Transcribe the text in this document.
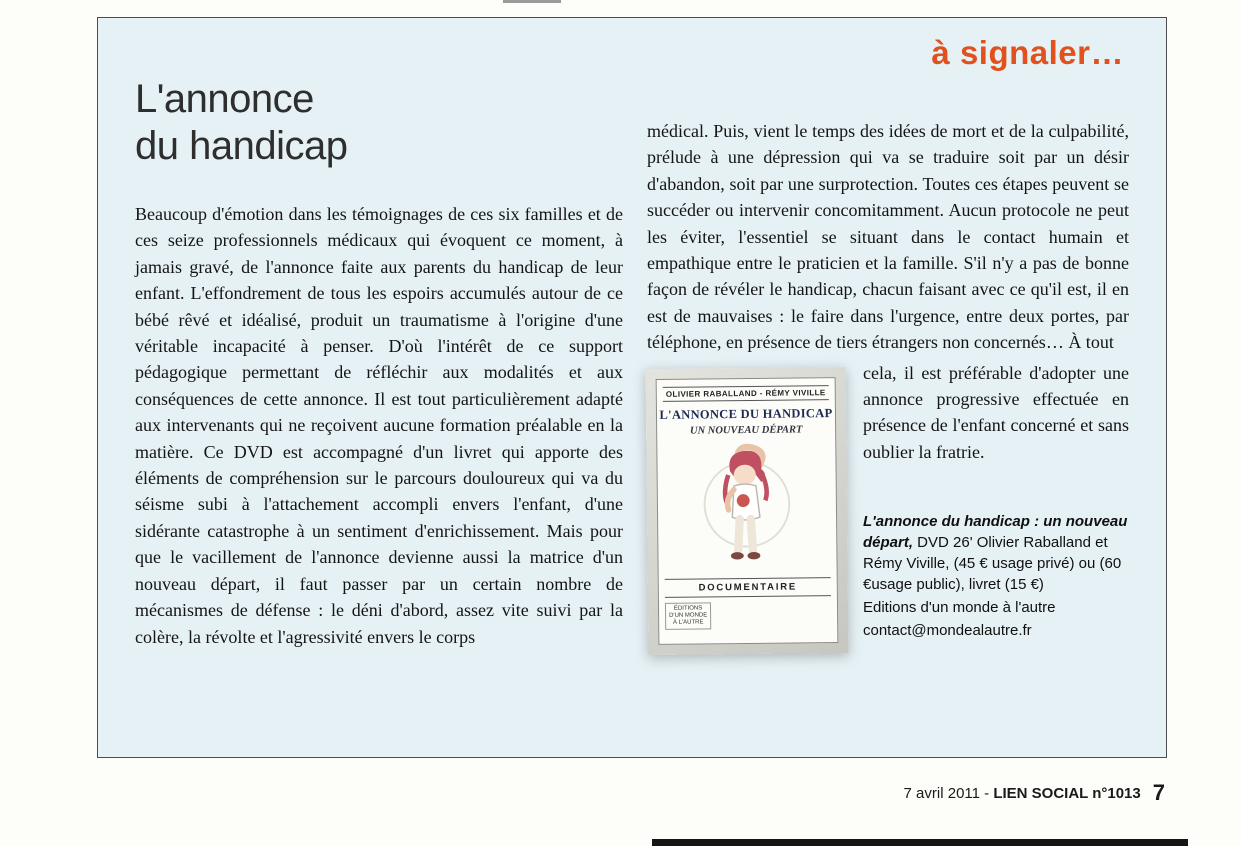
à signaler…
L'annonce
du handicap

Beaucoup d'émotion dans les témoignages de ces six familles et de ces seize professionnels médicaux qui évoquent ce moment, à jamais gravé, de l'annonce faite aux parents du handicap de leur enfant. L'effondrement de tous les espoirs accumulés autour de ce bébé rêvé et idéalisé, produit un traumatisme à l'origine d'une véritable incapacité à penser. D'où l'intérêt de ce support pédagogique permettant de réfléchir aux modalités et aux conséquences de cette annonce. Il est tout particulièrement adapté aux intervenants qui ne reçoivent aucune formation préalable en la matière. Ce DVD est accompagné d'un livret qui apporte des éléments de compréhension sur le parcours douloureux qui va du séisme subi à l'attachement accompli envers l'enfant, d'une sidérante catastrophe à un sentiment d'enrichissement. Mais pour que le vacillement de l'annonce devienne aussi la matrice d'un nouveau départ, il faut passer par un certain nombre de mécanismes de défense : le déni d'abord, assez vite suivi par la colère, la révolte et l'agressivité envers le corps

médical. Puis, vient le temps des idées de mort et de la culpabilité, prélude à une dépression qui va se traduire soit par un désir d'abandon, soit par une surprotection. Toutes ces étapes peuvent se succéder ou intervenir concomitamment. Aucun protocole ne peut les éviter, l'essentiel se situant dans le contact humain et empathique entre le praticien et la famille. S'il n'y a pas de bonne façon de révéler le handicap, chacun faisant avec ce qu'il est, il en est de mauvaises : le faire dans l'urgence, entre deux portes, par téléphone, en présence de tiers étrangers non concernés… À tout

OLIVIER RABALLAND - RÉMY VIVILLE
L'ANNONCE DU HANDICAP
UN NOUVEAU DÉPART
DOCUMENTAIRE
ÉDITIONS
D'UN MONDE
À L'AUTRE

cela, il est préférable d'adopter une annonce progressive effectuée en présence de l'enfant concerné et sans oublier la fratrie.

L'annonce du handicap : un nouveau départ, DVD 26' Olivier Raballand et Rémy Viville, (45 € usage privé) ou (60 €usage public), livret (15 €)
Editions d'un monde à l'autre
contact@mondealautre.fr
7 avril 2011 - LIEN SOCIAL n°1013 7
